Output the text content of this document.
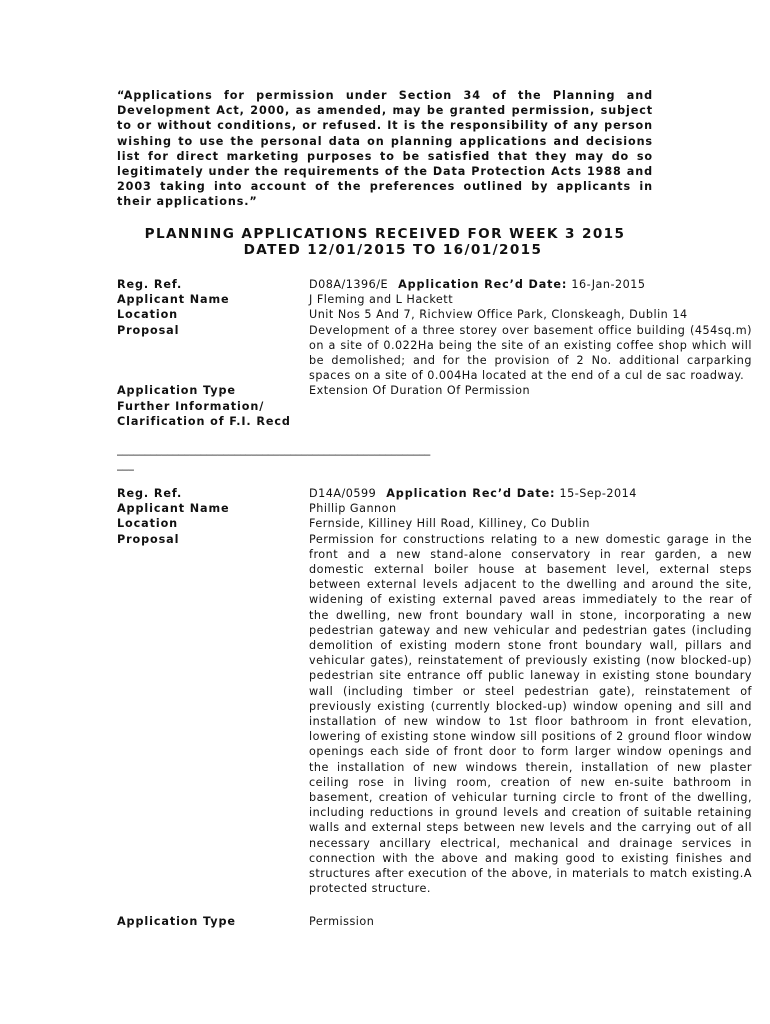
“Applications for permission under Section 34 of the Planning and Development Act, 2000, as amended, may be granted permission, subject to or without conditions, or refused. It is the responsibility of any person wishing to use the personal data on planning applications and decisions list for direct marketing purposes to be satisfied that they may do so legitimately under the requirements of the Data Protection Acts 1988 and 2003 taking into account of the preferences outlined by applicants in their applications.”
PLANNING APPLICATIONS RECEIVED FOR WEEK 3 2015
DATED 12/01/2015 TO 16/01/2015
Reg. Ref.	D08A/1396/E Application Rec’d Date: 16-Jan-2015
Applicant Name	J Fleming and L Hackett
Location	Unit Nos 5 And 7, Richview Office Park, Clonskeagh, Dublin 14
Proposal	Development of a three storey over basement office building (454sq.m) on a site of 0.022Ha being the site of an existing coffee shop which will be demolished; and for the provision of 2 No. additional carparking spaces on a site of 0.004Ha located at the end of a cul de sac roadway.
Application Type	Extension Of Duration Of Permission
Further Information/
Clarification of F.I. Recd
________________________________________________________
___
Reg. Ref.	D14A/0599 Application Rec’d Date: 15-Sep-2014
Applicant Name	Phillip Gannon
Location	Fernside, Killiney Hill Road, Killiney, Co Dublin
Proposal	Permission for constructions relating to a new domestic garage in the front and a new stand-alone conservatory in rear garden, a new domestic external boiler house at basement level, external steps between external levels adjacent to the dwelling and around the site, widening of existing external paved areas immediately to the rear of the dwelling, new front boundary wall in stone, incorporating a new pedestrian gateway and new vehicular and pedestrian gates (including demolition of existing modern stone front boundary wall, pillars and vehicular gates), reinstatement of previously existing (now blocked-up) pedestrian site entrance off public laneway in existing stone boundary wall (including timber or steel pedestrian gate), reinstatement of previously existing (currently blocked-up) window opening and sill and installation of new window to 1st floor bathroom in front elevation, lowering of existing stone window sill positions of 2 ground floor window openings each side of front door to form larger window openings and the installation of new windows therein, installation of new plaster ceiling rose in living room, creation of new en-suite bathroom in basement, creation of vehicular turning circle to front of the dwelling, including reductions in ground levels and creation of suitable retaining walls and external steps between new levels and the carrying out of all necessary ancillary electrical, mechanical and drainage services in connection with the above and making good to existing finishes and structures after execution of the above, in materials to match existing.A protected structure.
Application Type	Permission
